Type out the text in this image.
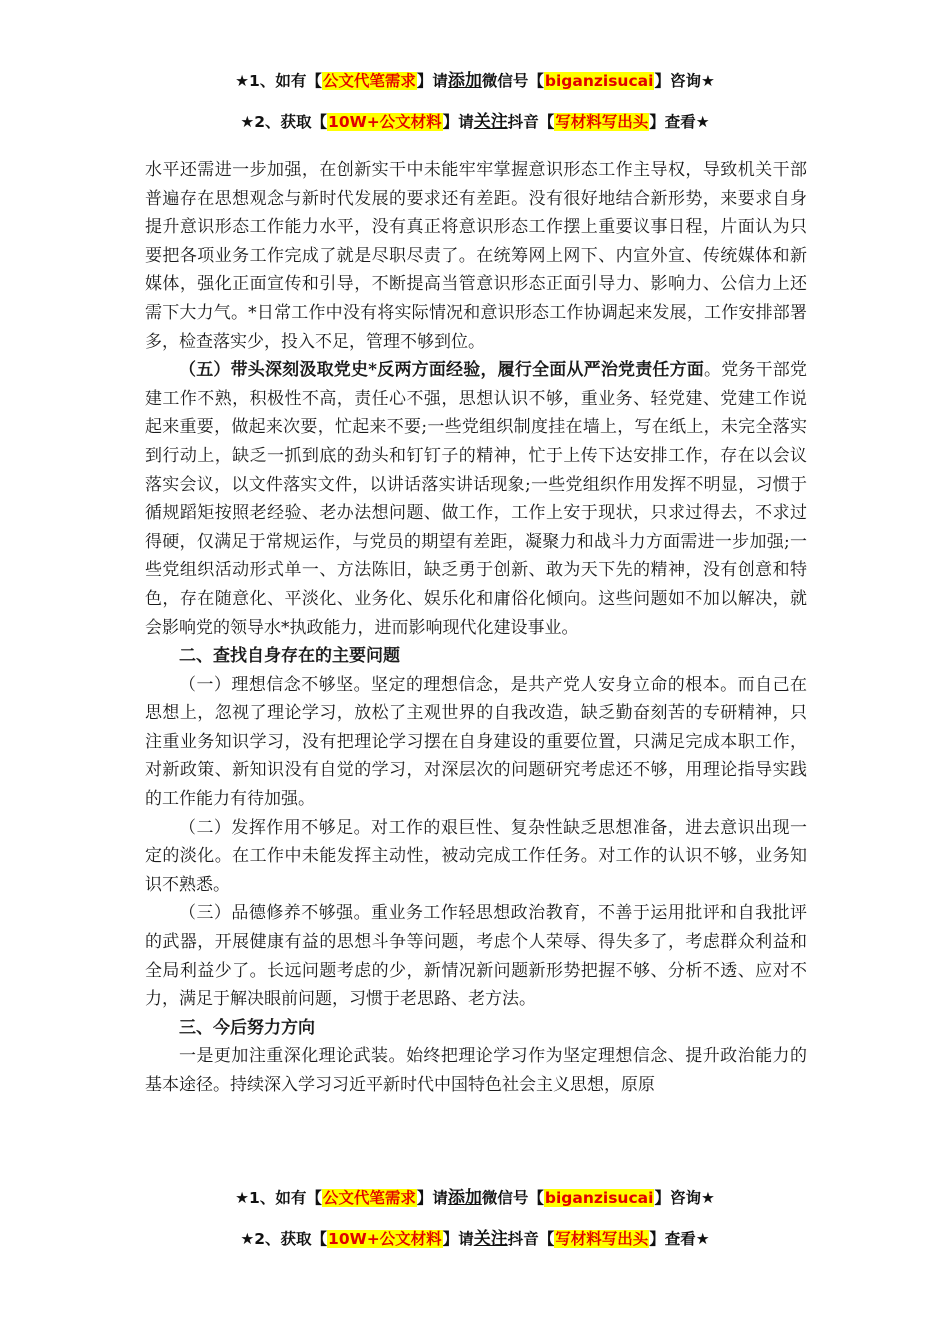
★1、如有【公文代笔需求】请添加微信号【biganzisucai】咨询★
★2、获取【10W+公文材料】请关注抖音【写材料写出头】查看★

水平还需进一步加强，在创新实干中未能牢牢掌握意识形态工作主导权，导致机关干部普遍存在思想观念与新时代发展的要求还有差距。没有很好地结合新形势，来要求自身提升意识形态工作能力水平，没有真正将意识形态工作摆上重要议事日程，片面认为只要把各项业务工作完成了就是尽职尽责了。在统筹网上网下、内宣外宣、传统媒体和新媒体，强化正面宣传和引导，不断提高当管意识形态正面引导力、影响力、公信力上还需下大力气。*日常工作中没有将实际情况和意识形态工作协调起来发展，工作安排部署多，检查落实少，投入不足，管理不够到位。

（五）带头深刻汲取党史*反两方面经验，履行全面从严治党责任方面。党务干部党建工作不熟，积极性不高，责任心不强，思想认识不够，重业务、轻党建、党建工作说起来重要，做起来次要，忙起来不要;一些党组织制度挂在墙上，写在纸上，未完全落实到行动上，缺乏一抓到底的劲头和钉钉子的精神，忙于上传下达安排工作，存在以会议落实会议，以文件落实文件，以讲话落实讲话现象;一些党组织作用发挥不明显，习惯于循规蹈矩按照老经验、老办法想问题、做工作，工作上安于现状，只求过得去，不求过得硬，仅满足于常规运作，与党员的期望有差距，凝聚力和战斗力方面需进一步加强;一些党组织活动形式单一、方法陈旧，缺乏勇于创新、敢为天下先的精神，没有创意和特色，存在随意化、平淡化、业务化、娱乐化和庸俗化倾向。这些问题如不加以解决，就会影响党的领导水*执政能力，进而影响现代化建设事业。

二、查找自身存在的主要问题

（一）理想信念不够坚。坚定的理想信念，是共产党人安身立命的根本。而自己在思想上，忽视了理论学习，放松了主观世界的自我改造，缺乏勤奋刻苦的专研精神，只注重业务知识学习，没有把理论学习摆在自身建设的重要位置，只满足完成本职工作，对新政策、新知识没有自觉的学习，对深层次的问题研究考虑还不够，用理论指导实践的工作能力有待加强。

（二）发挥作用不够足。对工作的艰巨性、复杂性缺乏思想准备，进去意识出现一定的淡化。在工作中未能发挥主动性，被动完成工作任务。对工作的认识不够，业务知识不熟悉。

（三）品德修养不够强。重业务工作轻思想政治教育，不善于运用批评和自我批评的武器，开展健康有益的思想斗争等问题，考虑个人荣辱、得失多了，考虑群众利益和全局利益少了。长远问题考虑的少，新情况新问题新形势把握不够、分析不透、应对不力，满足于解决眼前问题，习惯于老思路、老方法。

三、今后努力方向

一是更加注重深化理论武装。始终把理论学习作为坚定理想信念、提升政治能力的基本途径。持续深入学习习近平新时代中国特色社会主义思想，原原

★1、如有【公文代笔需求】请添加微信号【biganzisucai】咨询★
★2、获取【10W+公文材料】请关注抖音【写材料写出头】查看★
